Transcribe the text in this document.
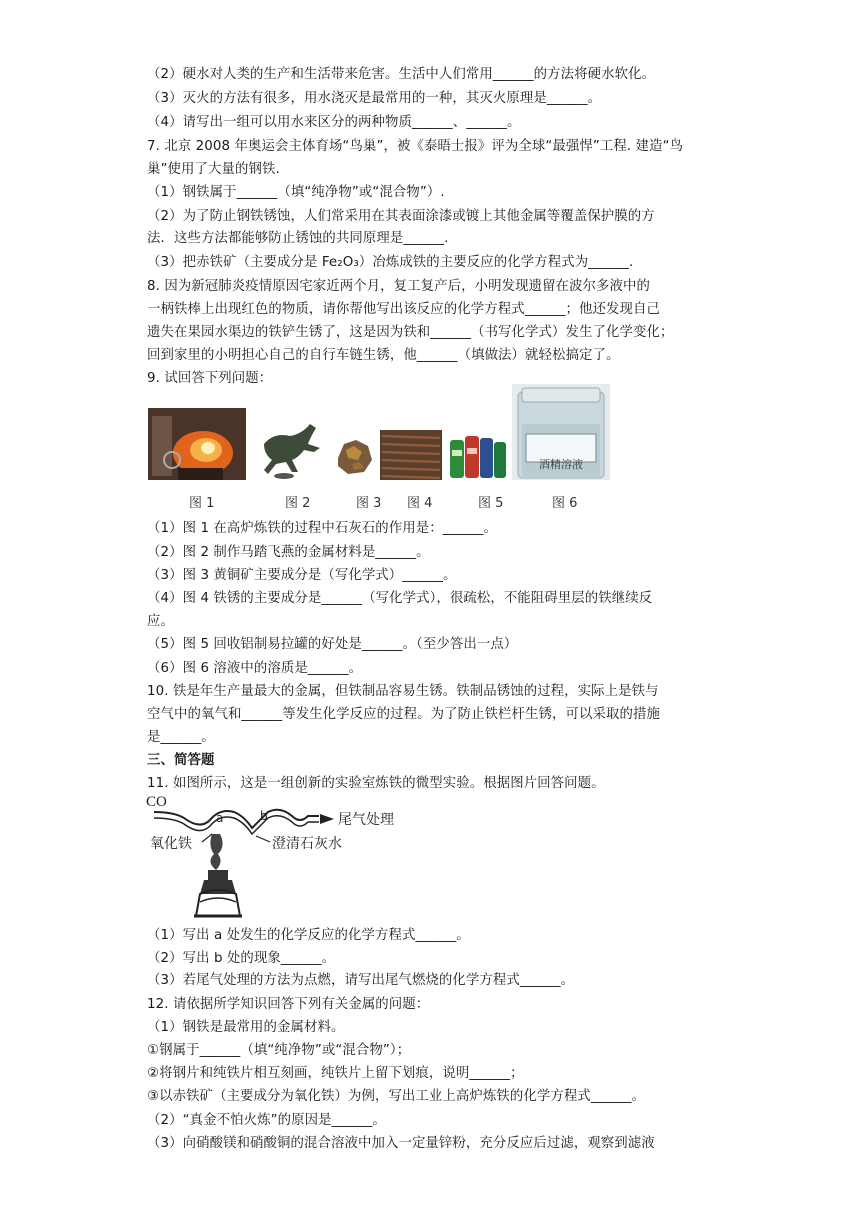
（2）硬水对人类的生产和生活带来危害。生活中人们常用______的方法将硬水软化。
（3）灭火的方法有很多，用水浇灭是最常用的一种，其灭火原理是______。
（4）请写出一组可以用水来区分的两种物质______、______。
7. 北京 2008 年奥运会主体育场“鸟巢”，被《泰晤士报》评为全球“最强悍”工程. 建造“鸟
巢”使用了大量的钢铁.
（1）钢铁属于______（填“纯净物”或“混合物”）.
（2）为了防止钢铁锈蚀，人们常采用在其表面涂漆或镀上其他金属等覆盖保护膜的方
法．这些方法都能够防止锈蚀的共同原理是______.
（3）把赤铁矿（主要成分是 Fe₂O₃）冶炼成铁的主要反应的化学方程式为______.
8. 因为新冠肺炎疫情原因宅家近两个月，复工复产后，小明发现遗留在波尔多液中的
一柄铁棒上出现红色的物质，请你帮他写出该反应的化学方程式______；他还发现自己
遗失在果园水渠边的铁铲生锈了，这是因为铁和______（书写化学式）发生了化学变化；
回到家里的小明担心自己的自行车链生锈，他______（填做法）就轻松搞定了。
9. 试回答下列问题：
酒精溶液
图 1	图 2	图 3 图 4	图 5	图 6
（1）图 1 在高炉炼铁的过程中石灰石的作用是：______。
（2）图 2 制作马踏飞燕的金属材料是______。
（3）图 3 黄铜矿主要成分是（写化学式）______。
（4）图 4 铁锈的主要成分是______（写化学式），很疏松，不能阻碍里层的铁继续反
应。
（5）图 5 回收铝制易拉罐的好处是______。（至少答出一点）
（6）图 6 溶液中的溶质是______。
10. 铁是年生产量最大的金属，但铁制品容易生锈。铁制品锈蚀的过程，实际上是铁与
空气中的氧气和______等发生化学反应的过程。为了防止铁栏杆生锈，可以采取的措施
是______。
三、简答题
11. 如图所示，这是一组创新的实验室炼铁的微型实验。根据图片回答问题。
CO
a	b	尾气处理
氧化铁	澄清石灰水
（1）写出 a 处发生的化学反应的化学方程式______。
（2）写出 b 处的现象______。
（3）若尾气处理的方法为点燃，请写出尾气燃烧的化学方程式______。
12. 请依据所学知识回答下列有关金属的问题：
（1）钢铁是最常用的金属材料。
①钢属于______（填“纯净物”或“混合物”）；
②将钢片和纯铁片相互刻画，纯铁片上留下划痕，说明______；
③以赤铁矿（主要成分为氧化铁）为例，写出工业上高炉炼铁的化学方程式______。
（2）“真金不怕火炼”的原因是______。
（3）向硝酸镁和硝酸铜的混合溶液中加入一定量锌粉，充分反应后过滤，观察到滤液
